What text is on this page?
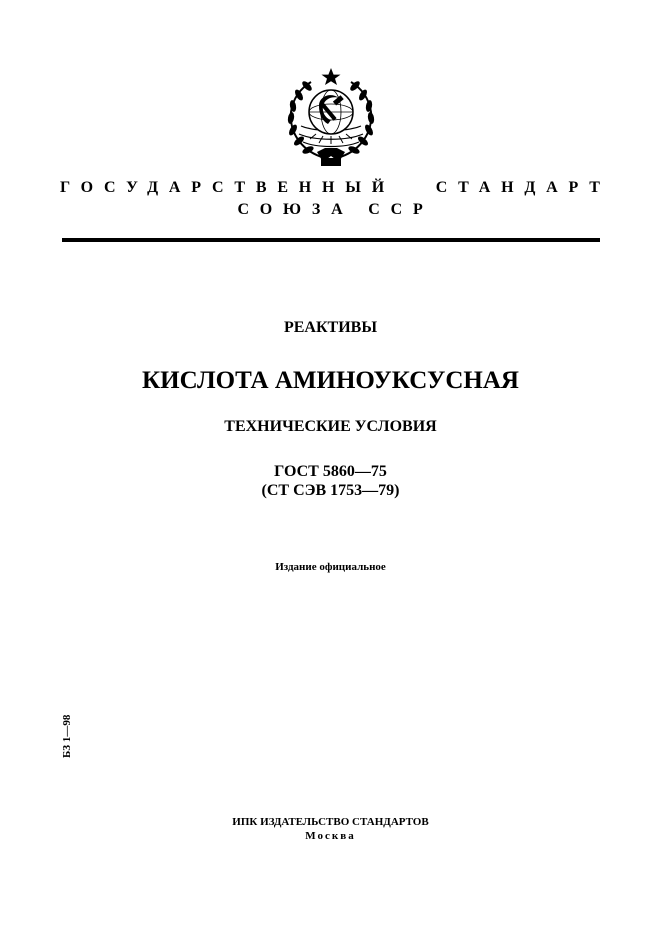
ГОСУДАРСТВЕННЫЙ	СТАНДАРТ
СОЮЗА ССР
РЕАКТИВЫ
КИСЛОТА АМИНОУКСУСНАЯ
ТЕХНИЧЕСКИЕ УСЛОВИЯ
ГОСТ 5860—75
(СТ СЭВ 1753—79)
Издание официальное
БЗ 1—98
ИПК ИЗДАТЕЛЬСТВО СТАНДАРТОВ
Москва
